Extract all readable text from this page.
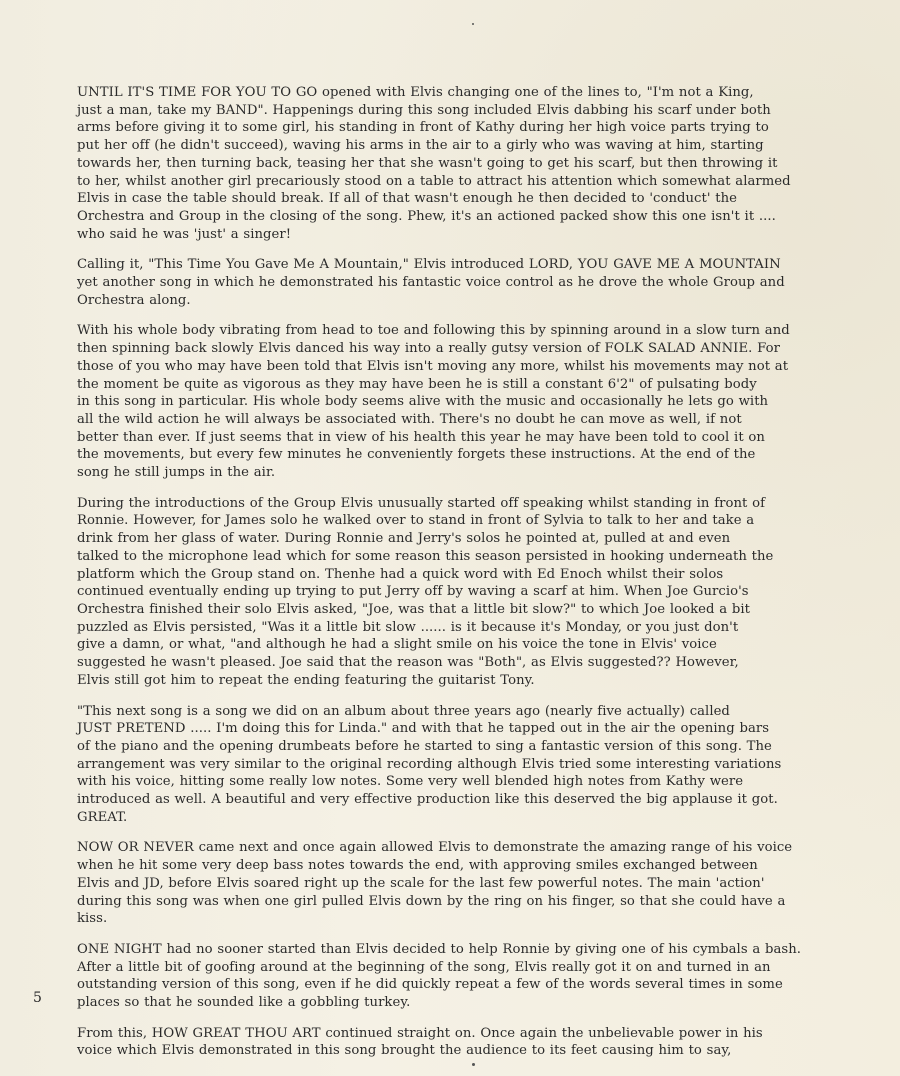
UNTIL IT'S TIME FOR YOU TO GO opened with Elvis changing one of the lines to, "I'm not a King,
just a man, take my BAND". Happenings during this song included Elvis dabbing his scarf under both
arms before giving it to some girl, his standing in front of Kathy during her high voice parts trying to
put her off (he didn't succeed), waving his arms in the air to a girly who was waving at him, starting
towards her, then turning back, teasing her that she wasn't going to get his scarf, but then throwing it
to her, whilst another girl precariously stood on a table to attract his attention which somewhat alarmed
Elvis in case the table should break. If all of that wasn't enough he then decided to 'conduct' the
Orchestra and Group in the closing of the song. Phew, it's an actioned packed show this one isn't it ....
who said he was 'just' a singer!

Calling it, "This Time You Gave Me A Mountain," Elvis introduced LORD, YOU GAVE ME A MOUNTAIN
yet another song in which he demonstrated his fantastic voice control as he drove the whole Group and
Orchestra along.

With his whole body vibrating from head to toe and following this by spinning around in a slow turn and
then spinning back slowly Elvis danced his way into a really gutsy version of FOLK SALAD ANNIE. For
those of you who may have been told that Elvis isn't moving any more, whilst his movements may not at
the moment be quite as vigorous as they may have been he is still a constant 6'2" of pulsating body
in this song in particular. His whole body seems alive with the music and occasionally he lets go with
all the wild action he will always be associated with. There's no doubt he can move as well, if not
better than ever. If just seems that in view of his health this year he may have been told to cool it on
the movements, but every few minutes he conveniently forgets these instructions. At the end of the
song he still jumps in the air.

During the introductions of the Group Elvis unusually started off speaking whilst standing in front of
Ronnie. However, for James solo he walked over to stand in front of Sylvia to talk to her and take a
drink from her glass of water. During Ronnie and Jerry's solos he pointed at, pulled at and even
talked to the microphone lead which for some reason this season persisted in hooking underneath the
platform which the Group stand on. Thenhe had a quick word with Ed Enoch whilst their solos
continued eventually ending up trying to put Jerry off by waving a scarf at him. When Joe Gurcio's
Orchestra finished their solo Elvis asked, "Joe, was that a little bit slow?" to which Joe looked a bit
puzzled as Elvis persisted, "Was it a little bit slow ...... is it because it's Monday, or you just don't
give a damn, or what, "and although he had a slight smile on his voice the tone in Elvis' voice
suggested he wasn't pleased. Joe said that the reason was "Both", as Elvis suggested?? However,
Elvis still got him to repeat the ending featuring the guitarist Tony.

"This next song is a song we did on an album about three years ago (nearly five actually) called
JUST PRETEND ..... I'm doing this for Linda." and with that he tapped out in the air the opening bars
of the piano and the opening drumbeats before he started to sing a fantastic version of this song. The
arrangement was very similar to the original recording although Elvis tried some interesting variations
with his voice, hitting some really low notes. Some very well blended high notes from Kathy were
introduced as well. A beautiful and very effective production like this deserved the big applause it got.
GREAT.

NOW OR NEVER came next and once again allowed Elvis to demonstrate the amazing range of his voice
when he hit some very deep bass notes towards the end, with approving smiles exchanged between
Elvis and JD, before Elvis soared right up the scale for the last few powerful notes. The main 'action'
during this song was when one girl pulled Elvis down by the ring on his finger, so that she could have a
kiss.

ONE NIGHT had no sooner started than Elvis decided to help Ronnie by giving one of his cymbals a bash.
After a little bit of goofing around at the beginning of the song, Elvis really got it on and turned in an
outstanding version of this song, even if he did quickly repeat a few of the words several times in some
places so that he sounded like a gobbling turkey.

From this, HOW GREAT THOU ART continued straight on. Once again the unbelievable power in his
voice which Elvis demonstrated in this song brought the audience to its feet causing him to say,

5
